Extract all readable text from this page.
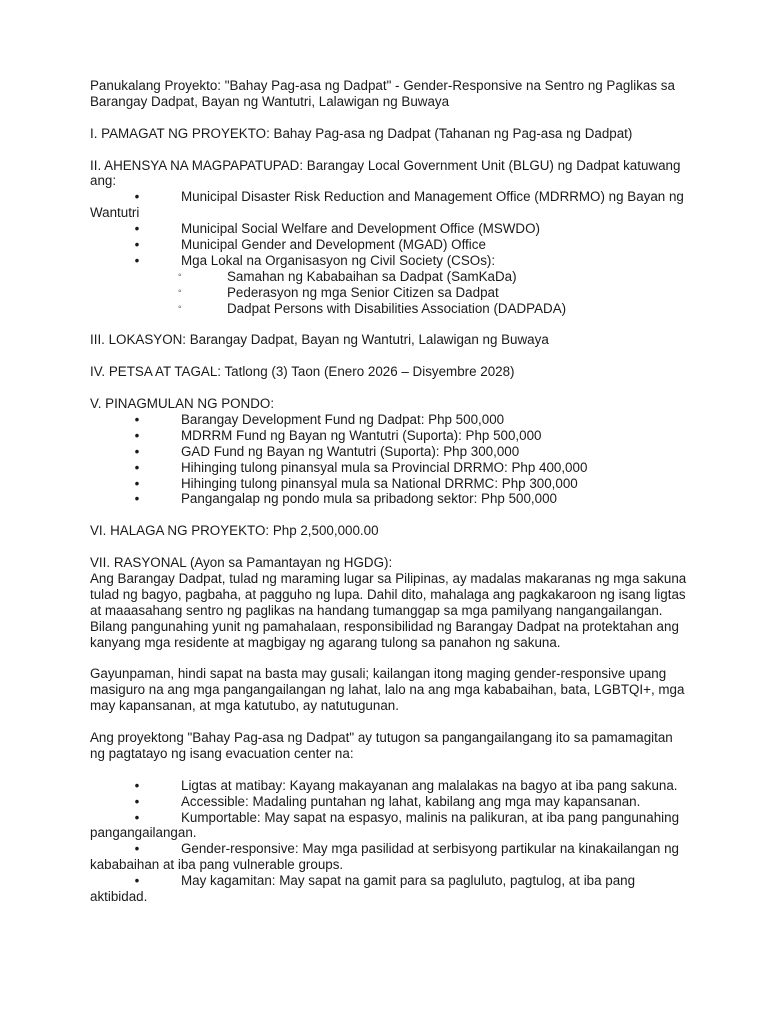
Panukalang Proyekto: "Bahay Pag-asa ng Dadpat" - Gender-Responsive na Sentro ng Paglikas sa Barangay Dadpat, Bayan ng Wantutri, Lalawigan ng Buwaya

I. PAMAGAT NG PROYEKTO: Bahay Pag-asa ng Dadpat (Tahanan ng Pag-asa ng Dadpat)

II. AHENSYA NA MAGPAPATUPAD: Barangay Local Government Unit (BLGU) ng Dadpat katuwang ang:

•	Municipal Disaster Risk Reduction and Management Office (MDRRMO) ng Bayan ng Wantutri
•	Municipal Social Welfare and Development Office (MSWDO)
•	Municipal Gender and Development (MGAD) Office
•	Mga Lokal na Organisasyon ng Civil Society (CSOs):
◦	Samahan ng Kababaihan sa Dadpat (SamKaDa)
◦	Pederasyon ng mga Senior Citizen sa Dadpat
◦	Dadpat Persons with Disabilities Association (DADPADA)

III. LOKASYON: Barangay Dadpat, Bayan ng Wantutri, Lalawigan ng Buwaya

IV. PETSA AT TAGAL: Tatlong (3) Taon (Enero 2026 – Disyembre 2028)

V. PINAGMULAN NG PONDO:

•	Barangay Development Fund ng Dadpat: Php 500,000
•	MDRRM Fund ng Bayan ng Wantutri (Suporta): Php 500,000
•	GAD Fund ng Bayan ng Wantutri (Suporta): Php 300,000
•	Hihinging tulong pinansyal mula sa Provincial DRRMO: Php 400,000
•	Hihinging tulong pinansyal mula sa National DRRMC: Php 300,000
•	Pangangalap ng pondo mula sa pribadong sektor: Php 500,000

VI. HALAGA NG PROYEKTO: Php 2,500,000.00

VII. RASYONAL (Ayon sa Pamantayan ng HGDG):

Ang Barangay Dadpat, tulad ng maraming lugar sa Pilipinas, ay madalas makaranas ng mga sakuna tulad ng bagyo, pagbaha, at pagguho ng lupa. Dahil dito, mahalaga ang pagkakaroon ng isang ligtas at maaasahang sentro ng paglikas na handang tumanggap sa mga pamilyang nangangailangan. Bilang pangunahing yunit ng pamahalaan, responsibilidad ng Barangay Dadpat na protektahan ang kanyang mga residente at magbigay ng agarang tulong sa panahon ng sakuna.

Gayunpaman, hindi sapat na basta may gusali; kailangan itong maging gender-responsive upang masiguro na ang mga pangangailangan ng lahat, lalo na ang mga kababaihan, bata, LGBTQI+, mga may kapansanan, at mga katutubo, ay natutugunan.

Ang proyektong "Bahay Pag-asa ng Dadpat" ay tutugon sa pangangailangang ito sa pamamagitan ng pagtatayo ng isang evacuation center na:

•	Ligtas at matibay: Kayang makayanan ang malalakas na bagyo at iba pang sakuna.
•	Accessible: Madaling puntahan ng lahat, kabilang ang mga may kapansanan.
•	Kumportable: May sapat na espasyo, malinis na palikuran, at iba pang pangunahing pangangailangan.
•	Gender-responsive: May mga pasilidad at serbisyong partikular na kinakailangan ng kababaihan at iba pang vulnerable groups.
•	May kagamitan: May sapat na gamit para sa pagluluto, pagtulog, at iba pang aktibidad.
